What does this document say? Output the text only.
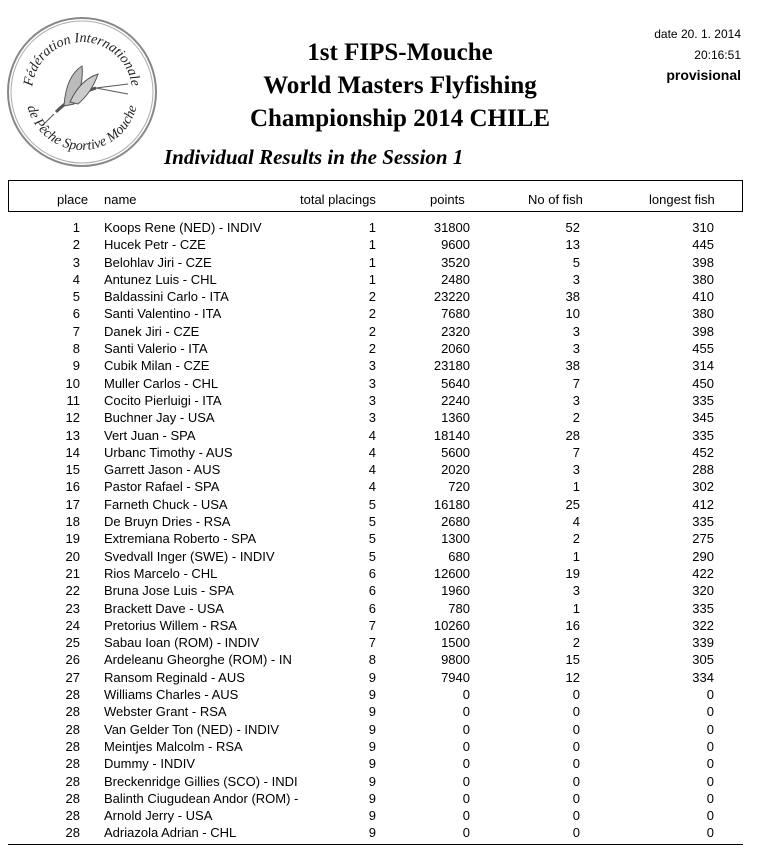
Fédération Internationale
de Pêche Sportive Mouche
1st FIPS-Mouche
World Masters Flyfishing
Championship 2014 CHILE
Individual Results in the Session 1
date 20. 1. 2014
20:16:51
provisional
place name	total placings	points	No of fish	longest fish
1 Koops Rene (NED) - INDIV	1	31800	52	310
2 Hucek Petr - CZE	1	9600	13	445
3 Belohlav Jiri - CZE	1	3520	5	398
4 Antunez Luis - CHL	1	2480	3	380
5 Baldassini Carlo - ITA	2	23220	38	410
6 Santi Valentino - ITA	2	7680	10	380
7 Danek Jiri - CZE	2	2320	3	398
8 Santi Valerio - ITA	2	2060	3	455
9 Cubik Milan - CZE	3	23180	38	314
10 Muller Carlos - CHL	3	5640	7	450
11 Cocito Pierluigi - ITA	3	2240	3	335
12 Buchner Jay - USA	3	1360	2	345
13 Vert Juan - SPA	4	18140	28	335
14 Urbanc Timothy - AUS	4	5600	7	452
15 Garrett Jason - AUS	4	2020	3	288
16 Pastor Rafael - SPA	4	720	1	302
17 Farneth Chuck - USA	5	16180	25	412
18 De Bruyn Dries - RSA	5	2680	4	335
19 Extremiana Roberto - SPA	5	1300	2	275
20 Svedvall Inger (SWE) - INDIV	5	680	1	290
21 Rios Marcelo - CHL	6	12600	19	422
22 Bruna Jose Luis - SPA	6	1960	3	320
23 Brackett Dave - USA	6	780	1	335
24 Pretorius Willem - RSA	7	10260	16	322
25 Sabau Ioan (ROM) - INDIV	7	1500	2	339
26 Ardeleanu Gheorghe (ROM) - IN	8	9800	15	305
27 Ransom Reginald - AUS	9	7940	12	334
28 Williams Charles - AUS	9	0	0	0
28 Webster Grant - RSA	9	0	0	0
28 Van Gelder Ton (NED) - INDIV	9	0	0	0
28 Meintjes Malcolm - RSA	9	0	0	0
28 Dummy - INDIV	9	0	0	0
28 Breckenridge Gillies (SCO) - INDI	9	0	0	0
28 Balinth Ciugudean Andor (ROM) -	9	0	0	0
28 Arnold Jerry - USA	9	0	0	0
28 Adriazola Adrian - CHL	9	0	0	0
